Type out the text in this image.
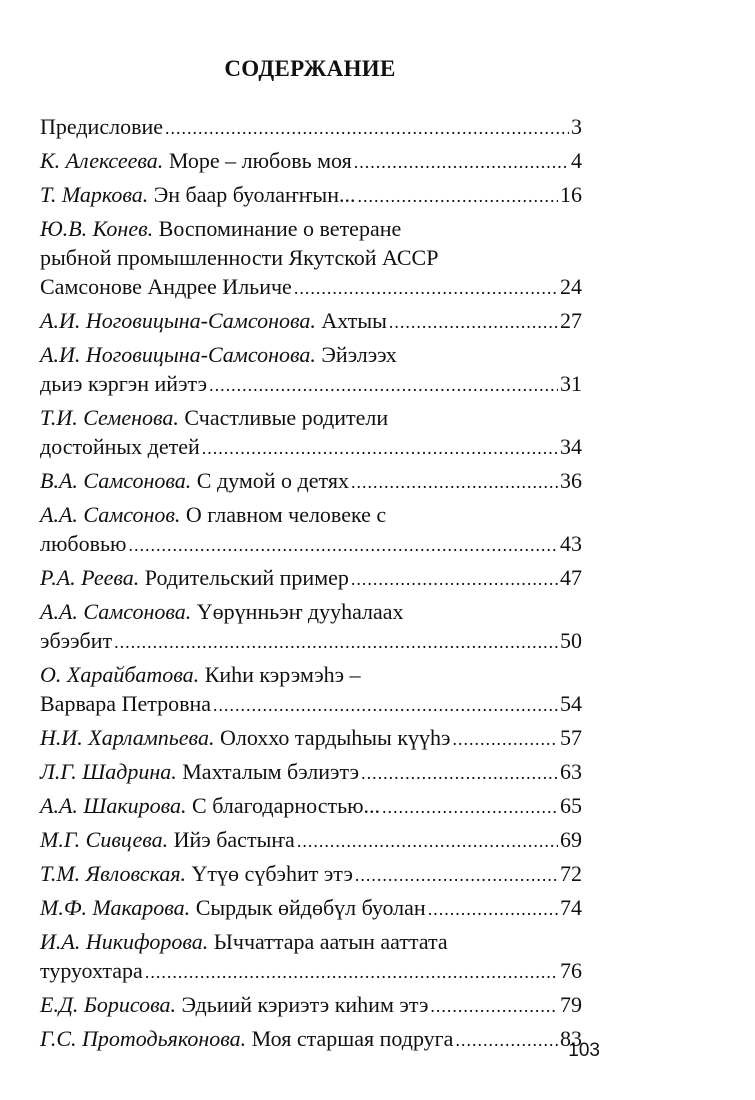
СОДЕРЖАНИЕ
Предисловие .....	3
К. Алексеева. Море – любовь моя .....	4
Т. Маркова. Эн баар буолаҥҥын... .....	16
Ю.В. Конев. Воспоминание о ветеране
рыбной промышленности Якутской АССР
Самсонове Андрее Ильиче .....	24
А.И. Ноговицына-Самсонова. Ахтыы .....	27
А.И. Ноговицына-Самсонова. Эйэлээх
дьиэ кэргэн ийэтэ .....	31
Т.И. Семенова. Счастливые родители
достойных детей .....	34
В.А. Самсонова. С думой о детях .....	36
А.А. Самсонов. О главном человеке с
любовью .....	43
Р.А. Реева. Родительский пример .....	47
А.А. Самсонова. Үөрүнньэҥ дууһалаах
эбээбит .....	50
О. Харайбатова. Киһи кэрэмэһэ –
Варвара Петровна .....	54
Н.И. Харлампьева. Олоххо тардыһыы күүһэ .....	57
Л.Г. Шадрина. Махталым бэлиэтэ .....	63
А.А. Шакирова. С благодарностью... .....	65
М.Г. Сивцева. Ийэ бастыҥа .....	69
Т.М. Явловская. Үтүө сүбэһит этэ .....	72
М.Ф. Макарова. Сырдык өйдөбүл буолан .....	74
И.А. Никифорова. Ыччаттара аатын ааттата
туруохтара .....	76
Е.Д. Борисова. Эдьиий кэриэтэ киһим этэ .....	79
Г.С. Протодьяконова. Моя старшая подруга .....	83
103
